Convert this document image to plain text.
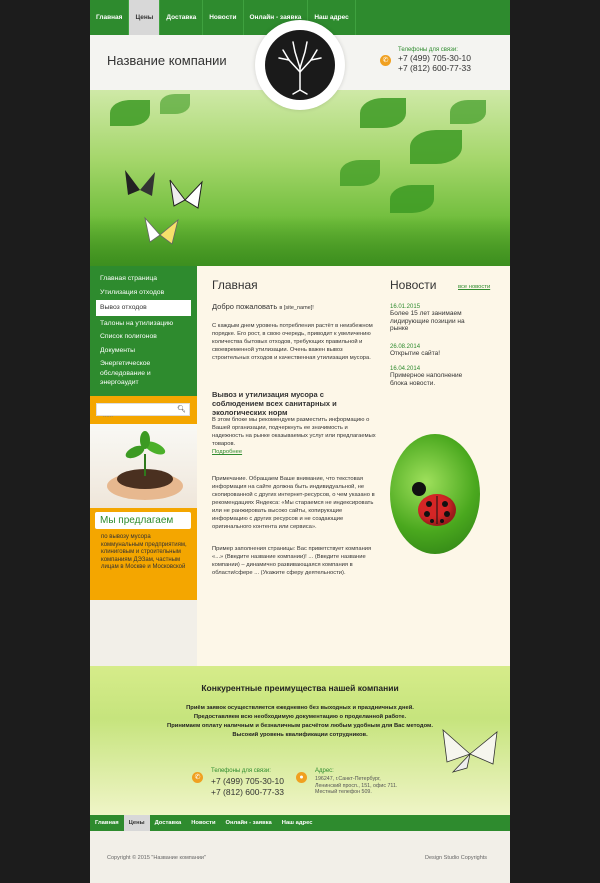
Главная	Цены	Доставка	Новости	Онлайн - заявка	Наш адрес
Название компании	✆
Телефоны для связи:
+7 (499) 705-30-10
+7 (812) 600-77-33
Главная страница
Утилизация отходов
Вывоз отходов
Талоны на утилизацию
Список полигонов
Документы
Энергетическое обследование и энергоаудит
......
🔍︎
Мы предлагаем
по вывозу мусора коммунальным предприятиям, клиниговым и строительным компаниям ДЭЗам, частным лицам в Москве и Московской
Главная
Добро пожаловать в [site_name]!
С каждым днем уровень потребления растёт в неизбежном порядке. Его рост, в свою очередь, приводит к увеличению количества бытовых отходов, требующих правильной и своевременной утилизации. Очень важен вывоз строительных отходов и качественная утилизация мусора.
Вывоз и утилизация мусора с соблюдением всех санитарных и экологических норм
В этом блоке мы рекомендуем разместить информацию о Вашей организации, подчеркнуть ее значимость и надежность на рынке оказываемых услуг или предлагаемых товаров.
Подробнее
Примечание. Обращаем Ваше внимание, что текстовая информация на сайте должна быть индивидуальной, не скопированной с других интернет-ресурсов, о чем указано в рекомендациях Яндекса: «Мы стараемся не индексировать или не ранжировать высоко сайты, копирующие информацию с других ресурсов и не создающие оригинального контента или сервиса».
Пример заполнения страницы: Вас приветствует компания «...» (Введите название компании)! ... (Введите название компании) – динамично развивающаяся компания в области/сфере ... (Укажите сферу деятельности).
Новости	все новости
16.01.2015
Более 15 лет занимаем лидирующие позиции на рынке
26.08.2014
Открытие сайта!
16.04.2014
Примерное наполнение блока новости.
Конкурентные преимущества нашей компании
Приём заявок осуществляется ежедневно без выходных и праздничных дней.
Предоставляем всю необходимую документацию о проделанной работе.
Принимаем оплату наличным и безналичным расчётом любым удобным для Вас методом.
Высокий уровень квалификации сотрудников.
✆
Телефоны для связи:
+7 (499) 705-30-10
+7 (812) 600-77-33
●
Адрес:
196247, г.Санкт-Петербург, Ленинский просп., 151, офис 711. Местный телефон 509.
Главная	Цены	Доставка	Новости	Онлайн - заявка	Наш адрес
Copyright © 2015 "Название компании"	Design Studio Copyrights
